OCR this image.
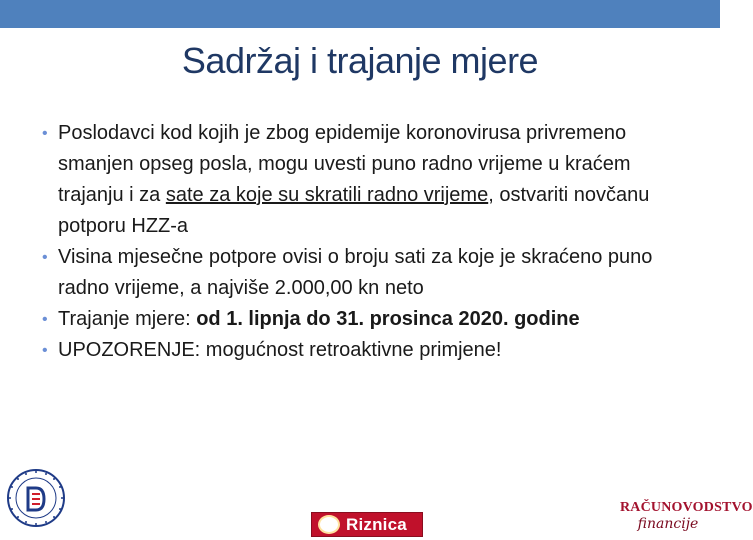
Sadržaj i trajanje mjere
• Poslodavci kod kojih je zbog epidemije koronovirusa privremeno smanjen opseg posla, mogu uvesti puno radno vrijeme u kraćem trajanju i za sate za koje su skratili radno vrijeme, ostvariti novčanu potporu HZZ-a
• Visina mjesečne potpore ovisi o broju sati za koje je skraćeno puno radno vrijeme, a najviše 2.000,00 kn neto
• Trajanje mjere: od 1. lipnja do 31. prosinca 2020. godine
• UPOZORENJE: mogućnost retroaktivne primjene!
Riznica
RAČUNOVODSTVO
financije
